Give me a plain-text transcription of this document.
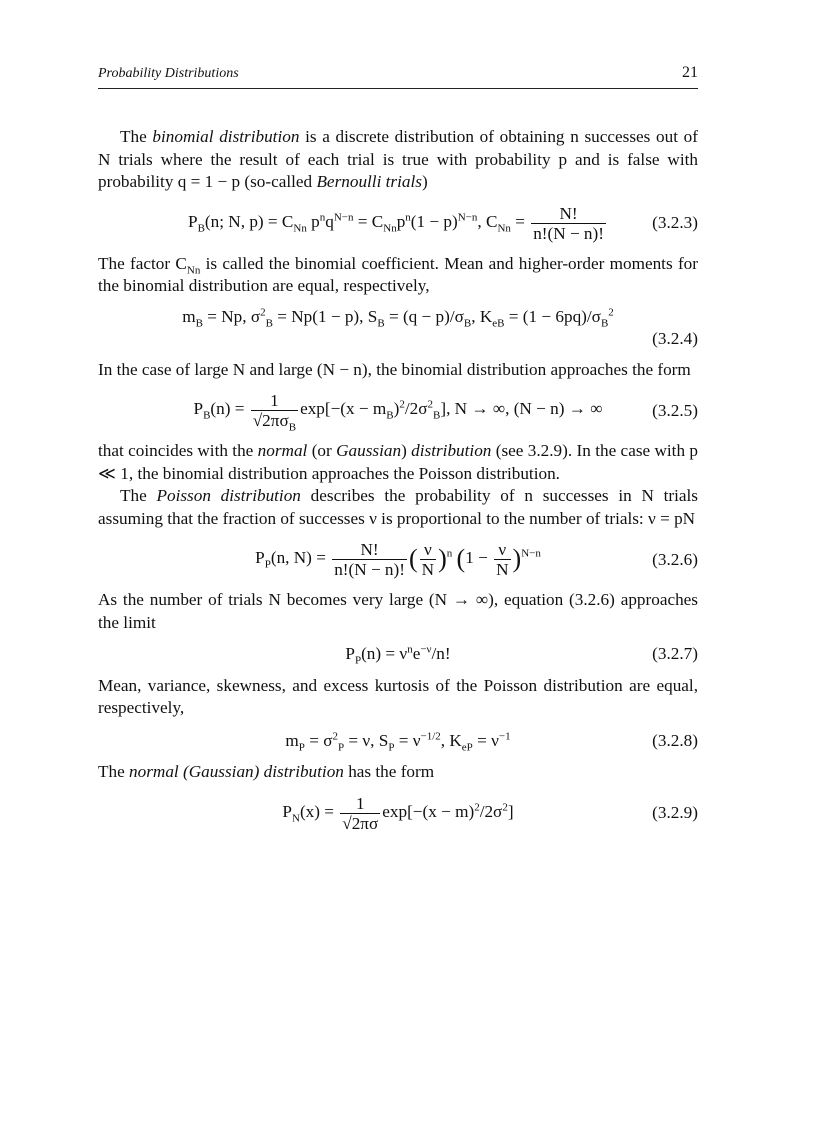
Probability Distributions	21

The binomial distribution is a discrete distribution of obtaining n successes out of N trials where the result of each trial is true with probability p and is false with probability q = 1 − p (so-called Bernoulli trials)

$P_B(n$; N, $p) = C_{Nn}$ $p^nq^{N-n} = C_{Nn}p^n(1 - p)^{N-n}$, $C_{Nn} = \frac{N!}{n!(N - n)!}$	(3.2.3)

The factor $C_{Nn}$ is called the binomial coefficient. Mean and higher-order moments for the binomial distribution are equal, respectively,

$m_B = Np$, $\sigma^2_B = Np(1 - p)$, $S_B = (q - p)/\sigma_B$, $K_{eB} = (1 - 6pq)/\sigma_B^2$
(3.2.4)

In the case of large N and large (N − n), the binomial distribution approaches the form

$P_B(n) = \frac{1}{√2\pi\sigma_B} \exp[-(x - m_B)^2/2\sigma^2_B]$, N → ∞, (N − n) → ∞	(3.2.5)

that coincides with the normal (or Gaussian) distribution (see 3.2.9). In the case with p ≪ 1, the binomial distribution approaches the Poisson distribution.

The Poisson distribution describes the probability of n successes in N trials assuming that the fraction of successes ν is proportional to the number of trials: ν = pN

$P_P(n$, $N) = \frac{N!}{n!(N - n)!}$ ( $\frac{\nu}{N} )^n$ $(1 - \frac{\nu}{N} )^{N-n}$	(3.2.6)

As the number of trials N becomes very large (N → ∞), equation (3.2.6) approaches the limit

$P_P(n) = \nu^ne^{-\nu}/n$!	(3.2.7)

Mean, variance, skewness, and excess kurtosis of the Poisson distribution are equal, respectively,

$m_P = \sigma^2_P = \nu$, $S_P = \nu^{-1/2}$, $K_{eP} = \nu^{-1}$	(3.2.8)

The normal (Gaussian) distribution has the form

$P_N(x) = \frac{1}{√2\pi\sigma} \exp[-(x - m)^2/2\sigma^2]$	(3.2.9)
